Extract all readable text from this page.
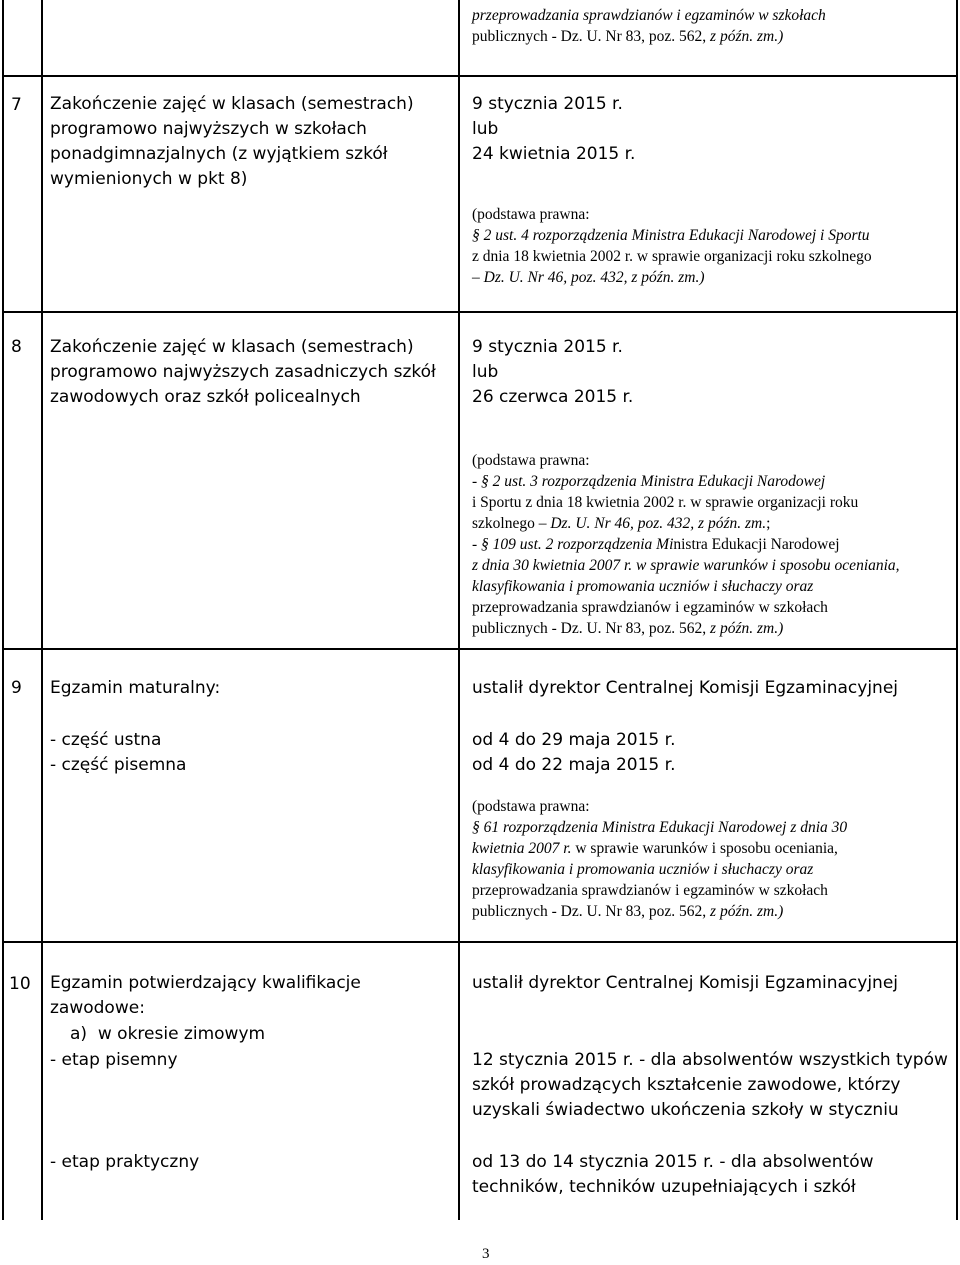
przeprowadzania sprawdzianów i egzaminów w szkołach
publicznych - Dz. U. Nr 83, poz. 562, z późn. zm.)
7 Zakończenie zajęć w klasach (semestrach)
programowo najwyższych w szkołach
ponadgimnazjalnych (z wyjątkiem szkół
wymienionych w pkt 8)
9 stycznia 2015 r.
lub
24 kwietnia 2015 r.
(podstawa prawna:
§ 2 ust. 4 rozporządzenia Ministra Edukacji Narodowej i Sportu
z dnia 18 kwietnia 2002 r. w sprawie organizacji roku szkolnego
– Dz. U. Nr 46, poz. 432, z późn. zm.)
8 Zakończenie zajęć w klasach (semestrach)
programowo najwyższych zasadniczych szkół
zawodowych oraz szkół policealnych
9 stycznia 2015 r.
lub
26 czerwca 2015 r.
(podstawa prawna:
- § 2 ust. 3 rozporządzenia Ministra Edukacji Narodowej
i Sportu z dnia 18 kwietnia 2002 r. w sprawie organizacji roku
szkolnego – Dz. U. Nr 46, poz. 432, z późn. zm.;
- § 109 ust. 2 rozporządzenia Ministra Edukacji Narodowej
z dnia 30 kwietnia 2007 r. w sprawie warunków i sposobu oceniania,
klasyfikowania i promowania uczniów i słuchaczy oraz
przeprowadzania sprawdzianów i egzaminów w szkołach
publicznych - Dz. U. Nr 83, poz. 562, z późn. zm.)
9 Egzamin maturalny:
- część ustna
- część pisemna
ustalił dyrektor Centralnej Komisji Egzaminacyjnej
od 4 do 29 maja 2015 r.
od 4 do 22 maja 2015 r.
(podstawa prawna:
§ 61 rozporządzenia Ministra Edukacji Narodowej z dnia 30
kwietnia 2007 r. w sprawie warunków i sposobu oceniania,
klasyfikowania i promowania uczniów i słuchaczy oraz
przeprowadzania sprawdzianów i egzaminów w szkołach
publicznych - Dz. U. Nr 83, poz. 562, z późn. zm.)
10 Egzamin potwierdzający kwalifikacje
zawodowe:
a)  w okresie zimowym
- etap pisemny
- etap praktyczny
ustalił dyrektor Centralnej Komisji Egzaminacyjnej
12 stycznia 2015 r. - dla absolwentów wszystkich typów
szkół prowadzących kształcenie zawodowe, którzy
uzyskali świadectwo ukończenia szkoły w styczniu
od 13 do 14 stycznia 2015 r. - dla absolwentów
techników, techników uzupełniających i szkół
3
